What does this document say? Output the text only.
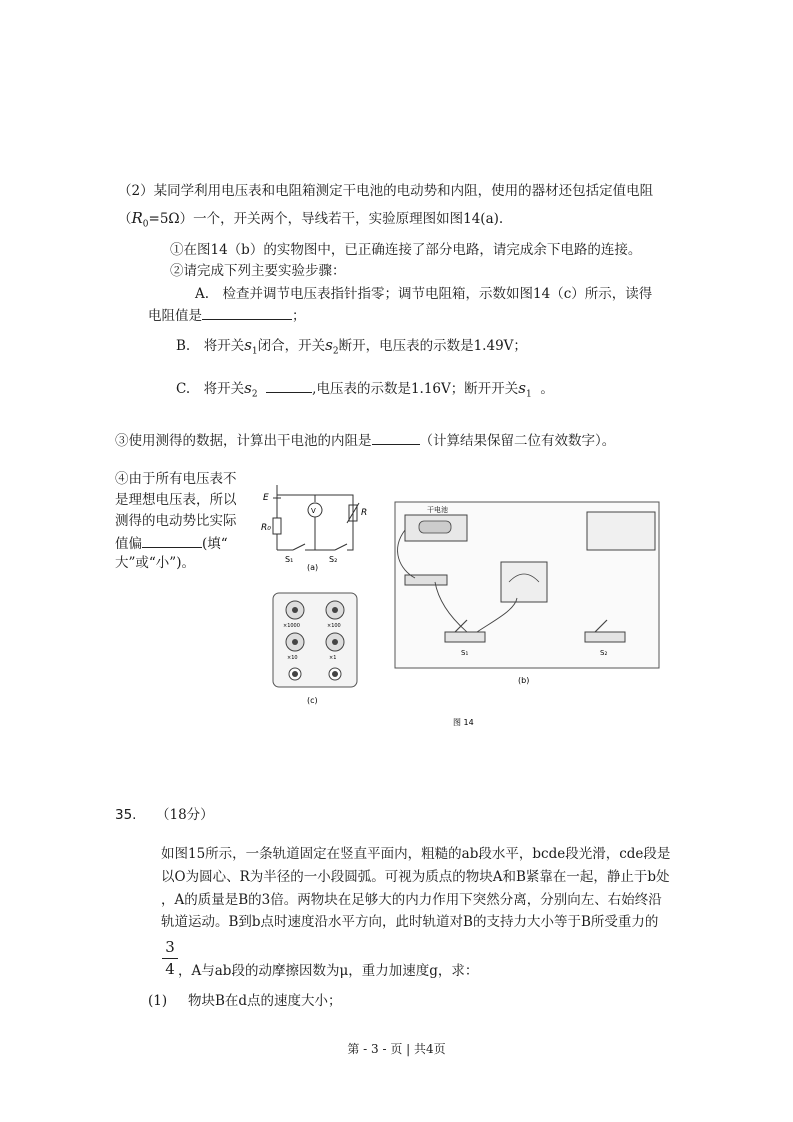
（2）某同学利用电压表和电阻箱测定干电池的电动势和内阻，使用的器材还包括定值电阻
$(R_0=5\Omega)$一个，开关两个，导线若干，实验原理图如图14(a).
①在图14（b）的实物图中，已正确连接了部分电路，请完成余下电路的连接。
②请完成下列主要实验步骤：
A.　检查并调节电压表指针指零；调节电阻箱，示数如图14（c）所示，读得
电阻值是	；
B.　将开关$s_1$闭合，开关$s_2$断开，电压表的示数是1.49V；
C.　将开关$s_2$	,电压表的示数是1.16V；断开开关$s_1$ 。
③使用测得的数据，计算出干电池的内阻是	（计算结果保留二位有效数字）。
④由于所有电压表不
是理想电压表，所以
测得的电动势比实际
值偏	(填“
大”或“小”)。
E
R₀
V	R
S₁	S₂
(a)
×1000	×100
×10	×1
(c)
干电池
S₁	S₂
(b)
图 14
35. （18分）
如图15所示，一条轨道固定在竖直平面内，粗糙的ab段水平，bcde段光滑，cde段是
以O为圆心、R为半径的一小段圆弧。可视为质点的物块A和B紧靠在一起，静止于b处
，A的质量是B的3倍。两物块在足够大的内力作用下突然分离，分别向左、右始终沿
轨道运动。B到b点时速度沿水平方向，此时轨道对B的支持力大小等于B所受重力的
3
4 ，A与ab段的动摩擦因数为μ，重力加速度g，求：
(1) 物块B在d点的速度大小；
第 - 3 - 页 | 共4页
